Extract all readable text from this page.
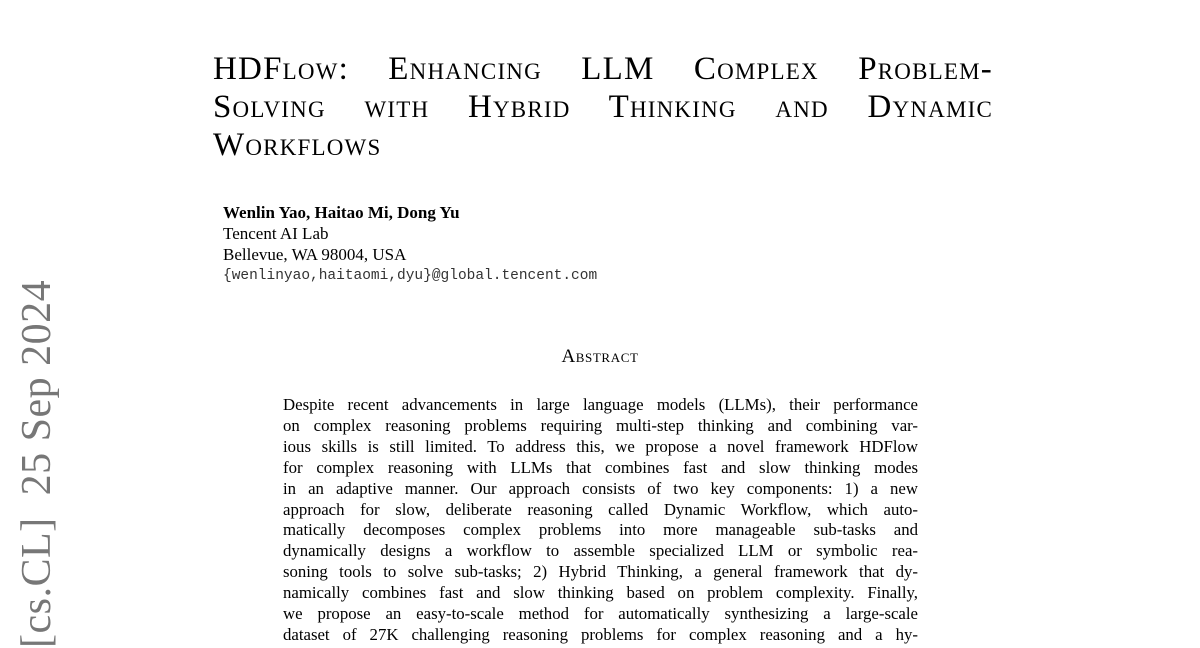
[cs.CL]25 Sep 2024
HDFlow: Enhancing LLM Complex Problem-
Solving with Hybrid Thinking and Dynamic
Workflows
Wenlin Yao, Haitao Mi, Dong Yu
Tencent AI Lab
Bellevue, WA 98004, USA
{wenlinyao,haitaomi,dyu}@global.tencent.com
Abstract
Despite recent advancements in large language models (LLMs), their performance
on complex reasoning problems requiring multi-step thinking and combining var-
ious skills is still limited. To address this, we propose a novel framework HDFlow
for complex reasoning with LLMs that combines fast and slow thinking modes
in an adaptive manner. Our approach consists of two key components: 1) a new
approach for slow, deliberate reasoning called Dynamic Workflow, which auto-
matically decomposes complex problems into more manageable sub-tasks and
dynamically designs a workflow to assemble specialized LLM or symbolic rea-
soning tools to solve sub-tasks; 2) Hybrid Thinking, a general framework that dy-
namically combines fast and slow thinking based on problem complexity. Finally,
we propose an easy-to-scale method for automatically synthesizing a large-scale
dataset of 27K challenging reasoning problems for complex reasoning and a hy-
